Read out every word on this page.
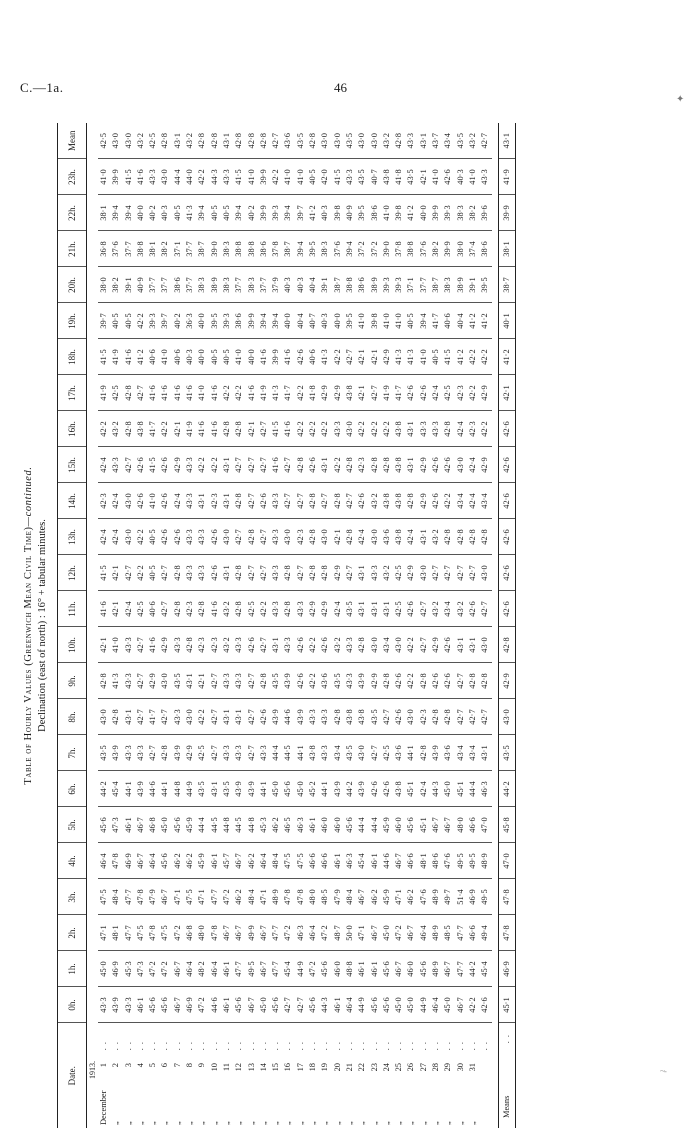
C.—1a.	46
Table of Hourly Values (Greenwich Mean Civil Time)—continued.
Declination (east of north) : 16° + tabular minutes.
Date.	0h.	1h.	2h.	3h.	4h.	5h.	6h.	7h.	8h.	9h.	10h.	11h.	12h.	13h.	14h.	15h.	16h.	17h.	18h.	19h.	20h.	21h.	22h.	23h.	Mean
1913.																									
December1. .	43·3	45·0	47·1	47·5	46·4	45·6	44·2	43·5	43·0	42·8	42·1	41·6	41·5	42·4	42·3	42·4	42·2	41·9	41·5	39·7	38·0	36·8	38·1	41·0	42·5
„2. .	43·9	46·9	48·1	48·4	47·8	47·3	45·4	43·9	42·8	41·3	41·0	42·1	42·1	42·4	42·4	43·3	43·2	42·5	41·9	40·5	38·2	37·6	39·4	39·9	43·0
„3. .	43·3	45·3	47·7	47·7	46·9	46·1	44·1	43·3	43·1	43·3	43·3	42·4	42·7	43·0	43·0	42·7	42·8	42·8	41·6	40·5	39·1	37·7	39·4	41·5	43·0
„4. .	46·1	47·3	47·5	47·8	46·7	46·7	43·9	43·3	42·7	42·7	42·7	42·5	42·2	42·2	42·6	42·6	43·8	42·7	41·2	42·2	40·9	38·8	40·0	41·6	43·2
„5. .	45·6	47·2	47·8	47·9	46·4	46·8	44·6	42·7	41·7	42·9	41·6	40·6	40·5	40·5	41·0	41·5	41·7	41·6	40·6	39·3	37·7	38·1	40·2	43·3	42·5
„6. .	45·6	47·2	47·5	46·7	45·6	45·0	44·1	42·8	42·7	43·0	42·9	42·7	42·7	42·6	42·6	42·6	42·2	41·6	41·0	39·7	37·7	38·2	40·3	43·0	42·8
„7. .	46·7	46·7	47·2	47·1	46·2	45·6	44·8	43·9	43·3	43·5	43·3	42·8	42·8	42·6	42·4	42·9	42·1	41·6	40·6	40·2	38·6	37·1	40·5	44·4	43·1
„8. .	46·9	46·4	46·8	47·5	46·2	45·9	44·9	42·9	43·0	43·1	42·8	42·3	43·3	43·3	43·3	43·3	41·9	41·6	40·3	36·3	37·7	37·7	41·3	44·0	43·2
„9. .	47·2	48·2	48·0	47·1	45·9	44·4	43·5	42·5	42·2	42·1	42·3	42·8	43·3	43·3	43·1	42·2	41·6	41·0	40·0	40·0	38·3	38·7	39·4	42·2	42·8
„10. .	44·6	46·4	47·8	47·7	46·1	44·5	43·1	42·7	42·7	42·7	42·3	41·6	42·6	42·6	42·3	42·2	41·6	41·6	40·5	39·5	38·9	39·0	40·5	44·3	42·8
„11. .	46·1	46·1	46·7	47·2	45·7	44·8	43·5	43·3	43·1	43·3	43·2	43·2	43·1	43·0	43·1	43·1	42·8	42·2	40·5	39·3	38·3	38·3	40·5	43·3	43·1
„12. .	45·6	47·7	46·7	46·2	46·7	44·5	43·9	43·3	43·1	43·3	43·3	42·8	42·8	42·7	42·8	42·7	42·8	42·2	41·0	38·6	37·7	38·8	39·4	41·5	42·8
„13. .	46·7	49·5	49·9	48·4	46·2	44·8	43·9	42·7	42·7	42·7	42·6	42·5	42·7	42·8	42·7	42·7	42·1	41·6	40·0	39·9	38·3	38·8	40·2	41·0	42·8
„14. .	45·0	46·7	46·7	47·1	46·4	45·3	44·1	43·3	42·6	42·8	42·7	42·2	42·7	42·7	42·6	42·7	42·7	41·9	41·6	39·4	37·7	38·6	39·9	39·9	42·8
„15. .	45·6	47·7	47·7	48·9	48·4	46·2	45·0	44·4	43·9	43·5	43·1	43·3	43·3	43·3	43·3	41·6	41·5	41·3	39·9	39·4	37·9	37·8	39·3	42·2	42·7
„16. .	42·7	45·4	47·2	47·8	47·5	46·5	45·6	44·5	44·6	43·9	43·3	42·8	42·8	43·0	42·7	42·7	41·6	41·7	41·6	40·0	40·3	38·7	39·4	41·0	43·6
„17. .	42·7	44·9	46·3	47·8	47·5	46·3	45·0	44·1	43·9	42·6	42·6	43·3	42·7	42·3	42·7	42·8	42·2	42·2	42·6	40·4	40·3	39·4	39·7	41·0	43·5
„18. .	45·6	47·2	46·4	48·0	46·6	46·1	45·2	43·8	43·3	42·2	42·2	42·9	42·8	42·8	42·8	42·6	42·2	41·8	40·6	40·7	40·4	39·5	41·2	40·5	42·8
„19. .	44·3	45·6	47·2	48·5	46·6	46·0	44·1	43·3	43·3	43·6	42·6	42·9	42·8	43·0	42·7	43·1	42·2	42·9	41·3	40·3	39·1	38·3	40·3	42·0	43·0
„20. .	46·1	46·0	48·7	47·9	46·1	46·0	43·9	43·4	42·8	43·5	43·2	42·4	42·9	42·1	42·8	42·2	43·3	42·9	42·2	40·0	38·7	37·6	39·8	41·5	43·0
„21. .	46·4	48·8	50·0	48·4	46·3	45·6	44·2	43·5	43·8	43·3	43·3	43·5	42·7	42·8	42·7	42·8	43·0	43·8	42·7	39·5	38·8	39·4	40·9	43·3	43·5
„22. .	44·9	46·1	47·1	46·7	45·4	44·4	43·9	43·0	43·8	43·9	42·8	43·1	43·1	42·4	42·6	42·3	42·2	42·1	42·1	41·0	38·6	37·2	39·5	43·5	43·0
„23. .	45·6	46·1	46·7	46·2	46·1	44·4	42·6	42·7	43·5	42·9	43·0	43·1	43·3	43·0	43·2	42·8	42·2	42·7	42·1	39·8	38·9	37·2	38·6	40·7	43·0
„24. .	45·6	45·6	45·0	45·9	44·6	45·9	42·6	42·5	42·7	42·8	43·4	43·1	43·2	43·6	43·8	42·8	42·2	41·9	42·9	41·0	39·3	39·0	41·0	43·8	43·2
„25. .	45·0	46·7	47·2	47·1	46·7	46·0	43·8	43·6	42·6	42·6	43·0	42·5	42·5	43·8	43·8	43·8	43·8	41·7	41·3	41·0	39·3	37·8	39·8	41·8	42·8
„26. .	45·0	46·0	46·7	46·2	46·6	45·6	45·1	44·1	43·0	42·2	42·2	42·6	42·9	42·4	42·8	43·1	43·1	42·6	41·3	40·5	37·1	38·8	41·2	43·5	43·3
„27. .	44·9	45·6	46·4	47·6	48·1	45·1	42·4	42·8	42·3	42·8	42·7	42·7	43·0	43·1	42·9	42·9	43·3	42·6	41·0	39·4	37·7	37·6	40·0	42·1	43·1
„28. .	46·4	48·9	48·9	48·9	48·6	46·7	44·3	43·9	42·8	42·6	42·9	43·2	42·7	43·2	42·6	42·6	43·3	42·4	40·5	41·7	38·7	38·2	39·9	41·0	43·7
„29. .	45·0	46·7	48·5	49·7	47·6	46·7	45·0	43·6	42·8	42·6	42·6	43·4	42·7	42·8	42·2	42·6	42·8	42·5	41·5	40·6	38·3	39·9	39·3	42·6	43·4
„30. .	46·7	47·7	47·7	51·4	49·5	48·0	45·1	43·4	42·7	42·7	43·1	43·2	42·7	42·8	43·4	43·0	42·4	42·3	41·2	40·4	38·9	38·0	38·3	40·3	43·5
„31. .	42·2	44·2	46·6	46·9	49·5	46·6	44·4	43·4	42·7	42·8	43·1	42·6	42·7	42·8	42·4	42·4	42·3	42·2	42·2	41·2	39·1	37·4	38·2	41·0	43·2
. .	42·6	45·4	49·4	49·5	48·9	47·0	46·3	43·1	42·7	42·8	43·0	42·7	43·0	42·8	43·4	42·9	42·2	42·9	42·2	41·2	39·5	38·6	39·6	43·3	42·7

Means. .	45·1	46·9	47·8	47·8	47·0	45·8	44·2	43·5	43·0	42·9	42·8	42·6	42·6	42·6	42·6	42·6	42·6	42·1	41·2	40·1	38·7	38·1	39·9	41·9	43·1
✦
~‐
